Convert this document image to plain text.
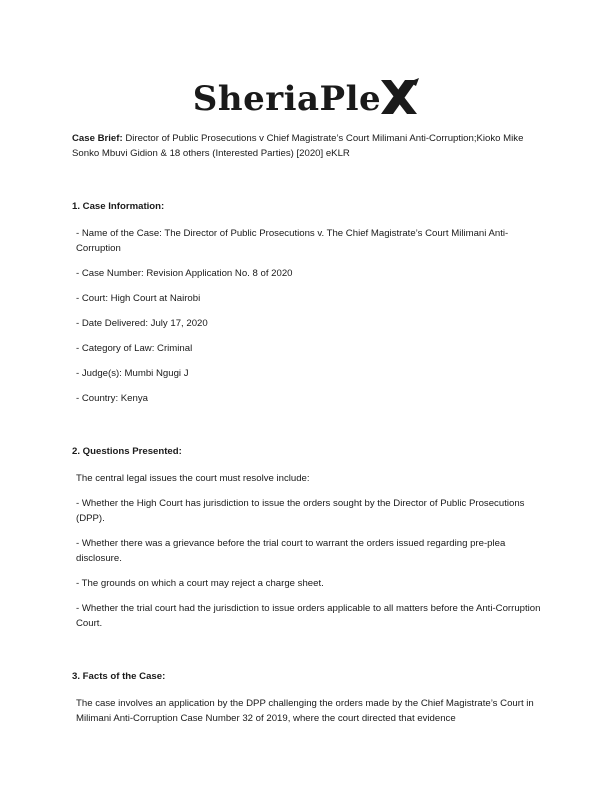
SheriaPle

Case Brief: Director of Public Prosecutions v Chief Magistrate’s Court Milimani Anti-Corruption;Kioko Mike Sonko Mbuvi Gidion & 18 others (Interested Parties) [2020] eKLR

1. Case Information:

- Name of the Case: The Director of Public Prosecutions v. The Chief Magistrate’s Court Milimani Anti-Corruption

- Case Number: Revision Application No. 8 of 2020

- Court: High Court at Nairobi

- Date Delivered: July 17, 2020

- Category of Law: Criminal

- Judge(s): Mumbi Ngugi J

- Country: Kenya

2. Questions Presented:

The central legal issues the court must resolve include:

- Whether the High Court has jurisdiction to issue the orders sought by the Director of Public Prosecutions (DPP).

- Whether there was a grievance before the trial court to warrant the orders issued regarding pre-plea disclosure.

- The grounds on which a court may reject a charge sheet.

- Whether the trial court had the jurisdiction to issue orders applicable to all matters before the Anti-Corruption Court.

3. Facts of the Case:

The case involves an application by the DPP challenging the orders made by the Chief Magistrate’s Court in Milimani Anti-Corruption Case Number 32 of 2019, where the court directed that evidence
